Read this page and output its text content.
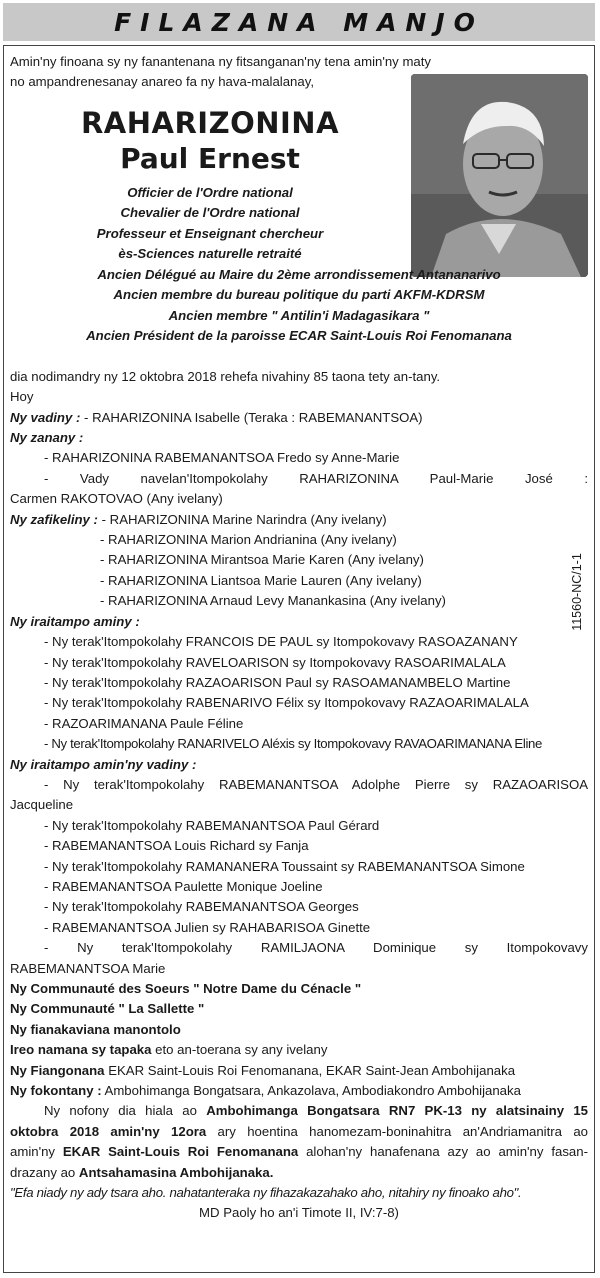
FILAZANA MANJO
11560-NC/1-1
Amin'ny finoana sy ny fanantenana ny fitsanganan'ny tena amin'ny maty
no ampandrenesanay anareo fa ny hava-malalanay,
RAHARIZONINA
Paul Ernest
Officier de l'Ordre national
Chevalier de l'Ordre national
Professeur et Enseignant chercheur
ès-Sciences naturelle retraité
Ancien Délégué au Maire du 2ème arrondissement Antananarivo
Ancien membre du bureau politique du parti AKFM-KDRSM
Ancien membre " Antilin'i Madagasikara "
Ancien Président de la paroisse ECAR Saint-Louis Roi Fenomanana
dia nodimandry ny 12 oktobra 2018 rehefa nivahiny 85 taona tety an-tany.
Hoy
Ny vadiny : - RAHARIZONINA Isabelle (Teraka : RABEMANANTSOA)
Ny zanany :
- RAHARIZONINA RABEMANANTSOA Fredo sy Anne-Marie
- Vady navelan'Itompokolahy RAHARIZONINA Paul-Marie José :
Carmen RAKOTOVAO (Any ivelany)
Ny zafikeliny : - RAHARIZONINA Marine Narindra (Any ivelany)
- RAHARIZONINA Marion Andrianina (Any ivelany)
- RAHARIZONINA Mirantsoa Marie Karen (Any ivelany)
- RAHARIZONINA Liantsoa Marie Lauren (Any ivelany)
- RAHARIZONINA Arnaud Levy Manankasina (Any ivelany)
Ny iraitampo aminy :
- Ny terak'Itompokolahy FRANCOIS DE PAUL sy Itompokovavy RASOAZANANY
- Ny terak'Itompokolahy RAVELOARISON sy Itompokovavy RASOARIMALALA
- Ny terak'Itompokolahy RAZAOARISON Paul sy RASOAMANAMBELO Martine
- Ny terak'Itompokolahy RABENARIVO Félix sy Itompokovavy RAZAOARIMALALA
- RAZOARIMANANA Paule Féline
- Ny terak'Itompokolahy RANARIVELO Aléxis sy Itompokovavy RAVAOARIMANANA Eline
Ny iraitampo amin'ny vadiny :
- Ny terak'Itompokolahy RABEMANANTSOA Adolphe Pierre sy RAZAOARISOA
Jacqueline
- Ny terak'Itompokolahy RABEMANANTSOA Paul Gérard
- RABEMANANTSOA Louis Richard sy Fanja
- Ny terak'Itompokolahy RAMANANERA Toussaint sy RABEMANANTSOA Simone
- RABEMANANTSOA Paulette Monique Joeline
- Ny terak'Itompokolahy RABEMANANTSOA Georges
- RABEMANANTSOA Julien sy RAHABARISOA Ginette
- Ny terak'Itompokolahy RAMILJAONA Dominique sy Itompokovavy
RABEMANANTSOA Marie
Ny Communauté des Soeurs " Notre Dame du Cénacle "
Ny Communauté " La Sallette "
Ny fianakaviana manontolo
Ireo namana sy tapaka eto an-toerana sy any ivelany
Ny Fiangonana EKAR Saint-Louis Roi Fenomanana, EKAR Saint-Jean Ambohijanaka
Ny fokontany : Ambohimanga Bongatsara, Ankazolava, Ambodiakondro Ambohijanaka
Ny nofony dia hiala ao Ambohimanga Bongatsara RN7 PK-13 ny alatsinainy 15
oktobra 2018 amin'ny 12ora ary hoentina hanomezam-boninahitra an'Andriamanitra ao
amin'ny EKAR Saint-Louis Roi Fenomanana alohan'ny hanafenana azy ao amin'ny fasan-
drazany ao Antsahamasina Ambohijanaka.
"Efa niady ny ady tsara aho. nahatanteraka ny fihazakazahako aho, nitahiry ny finoako aho".
MD Paoly ho an'i Timote II, IV:7-8)
